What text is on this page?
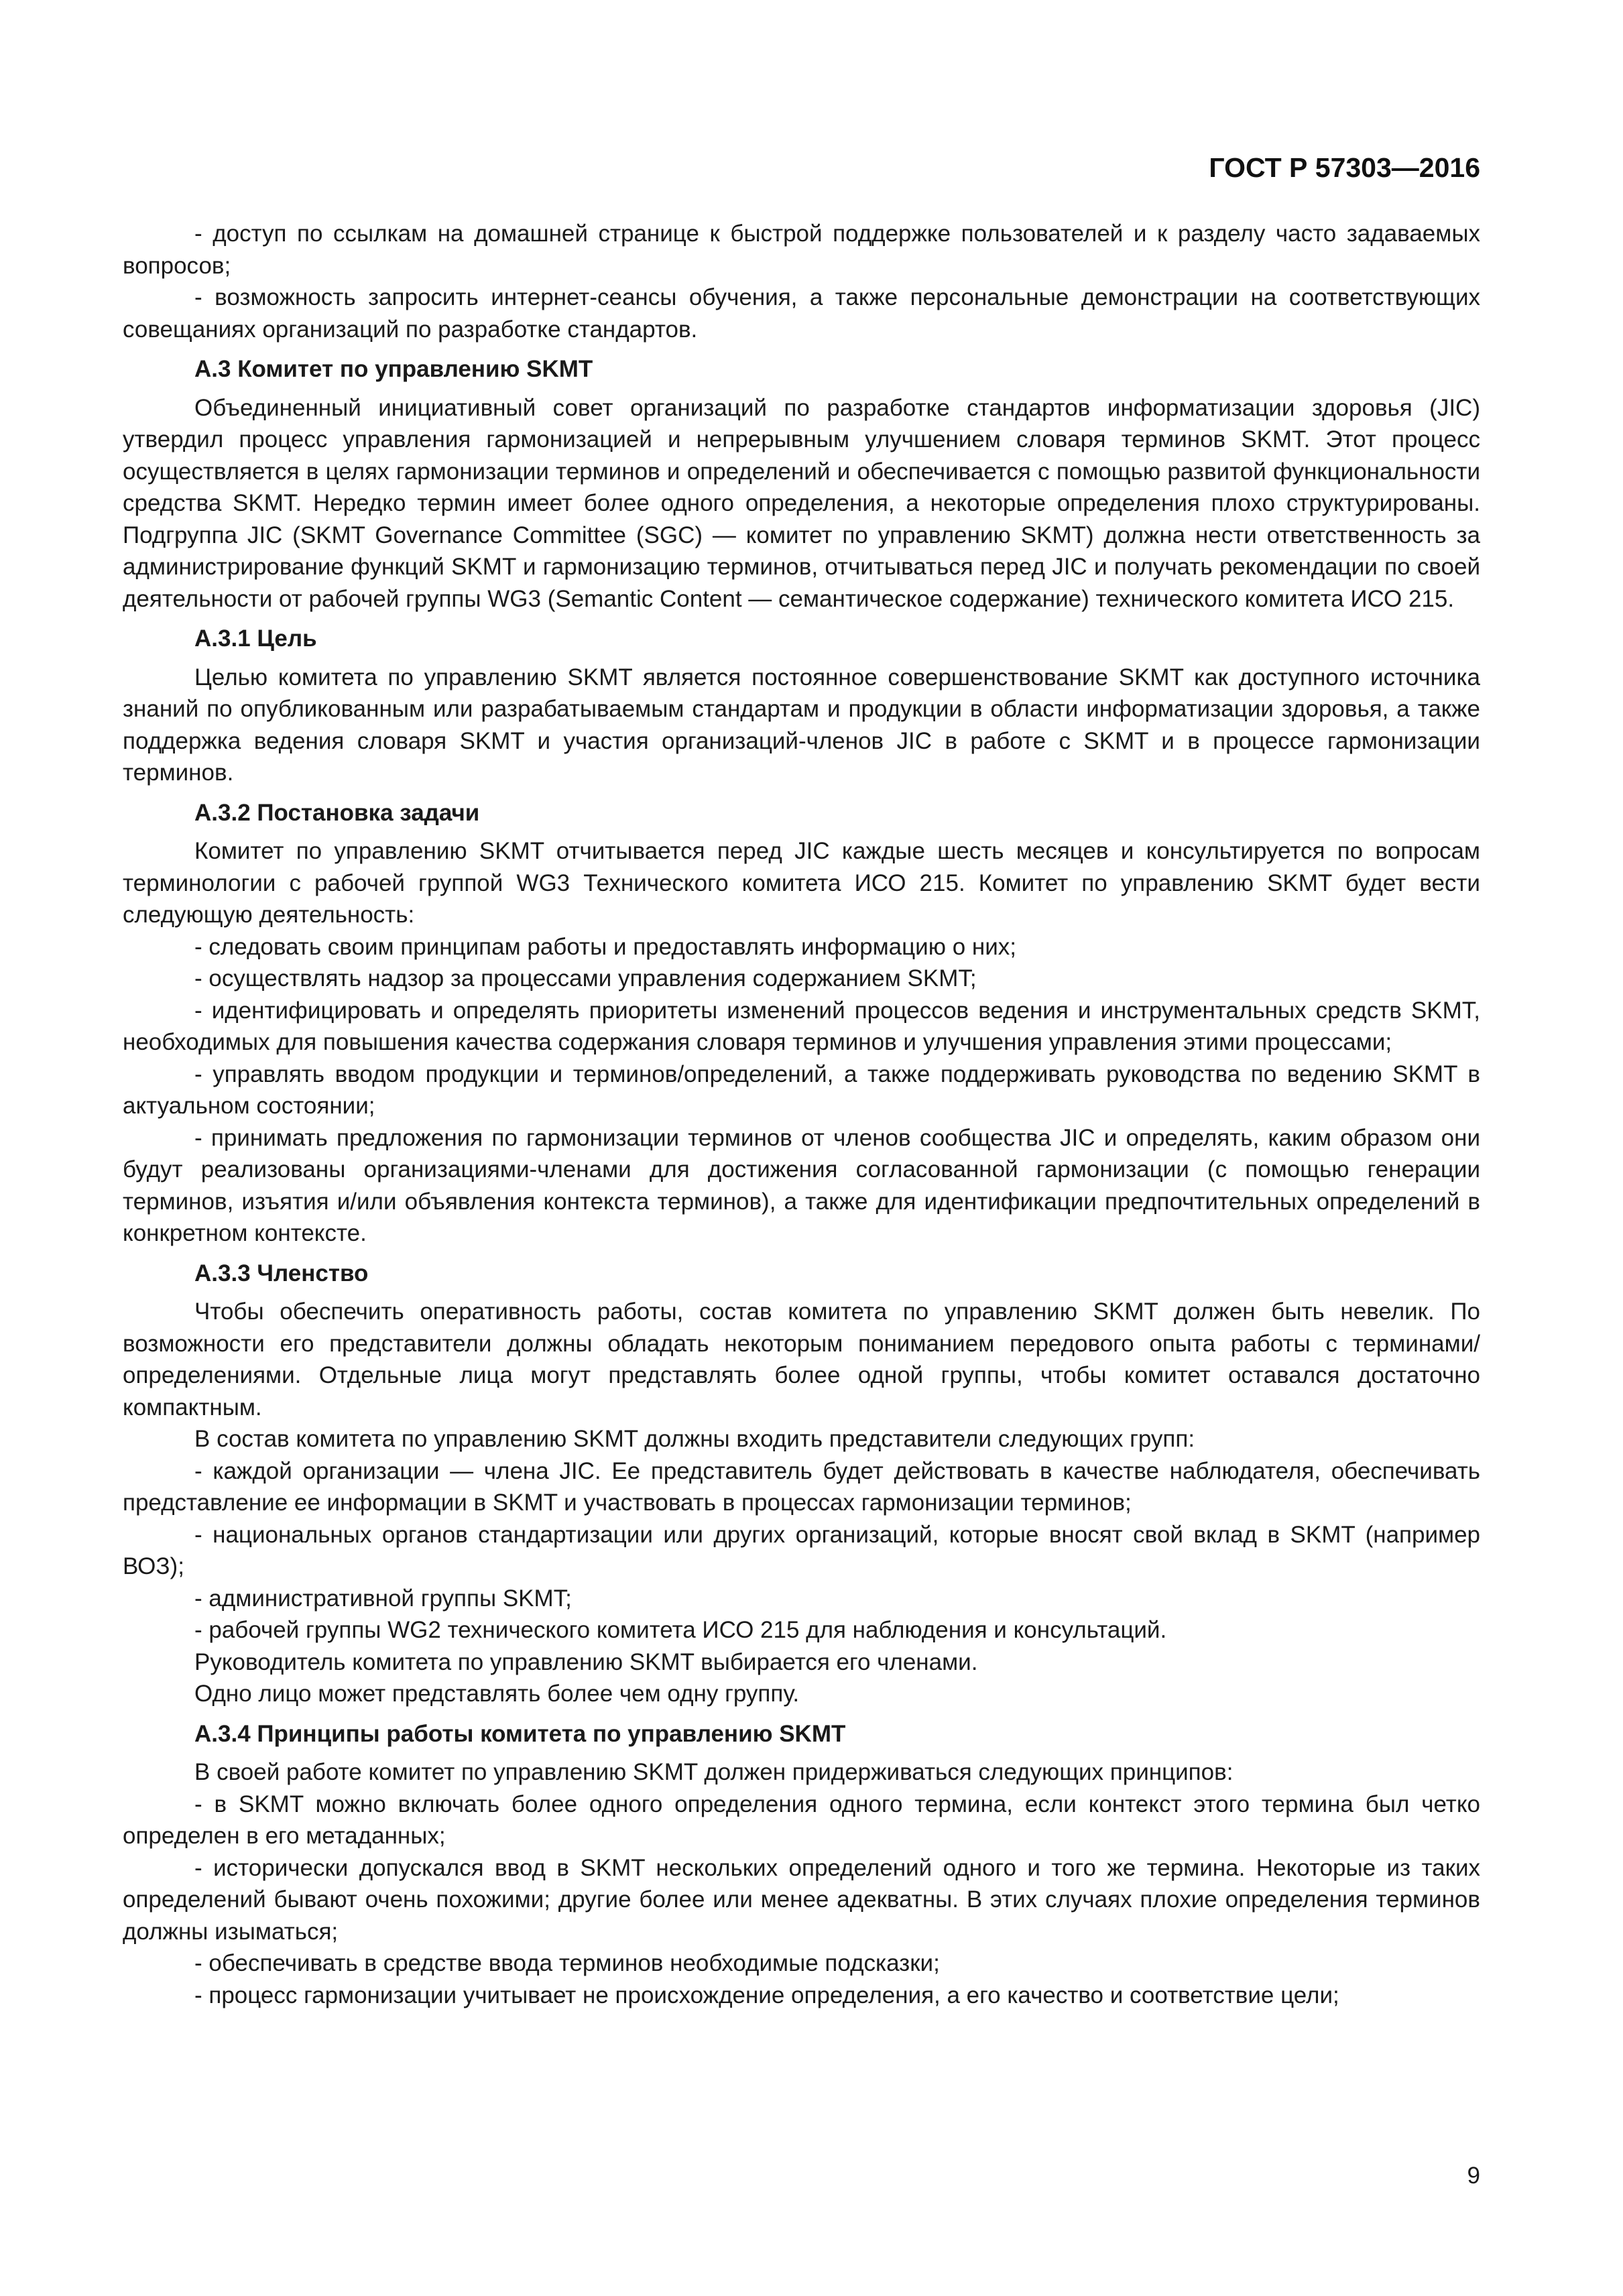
ГОСТ Р 57303—2016
- доступ по ссылкам на домашней странице к быстрой поддержке пользователей и к разделу часто задаваемых вопросов;
- возможность запросить интернет-сеансы обучения, а также персональные демонстрации на соответствующих совещаниях организаций по разработке стандартов.
А.3 Комитет по управлению SKMT
Объединенный инициативный совет организаций по разработке стандартов информатизации здоровья (JIC) утвердил процесс управления гармонизацией и непрерывным улучшением словаря терминов SKMT. Этот процесс осуществляется в целях гармонизации терминов и определений и обеспечивается с помощью развитой функциональности средства SKMT. Нередко термин имеет более одного определения, а некоторые определения плохо структурированы. Подгруппа JIC (SKMT Governance Committee (SGC) — комитет по управлению SKMT) должна нести ответственность за администрирование функций SKMT и гармонизацию терминов, отчитываться перед JIC и получать рекомендации по своей деятельности от рабочей группы WG3 (Semantic Content — семантическое содержание) технического комитета ИСО 215.
А.3.1 Цель
Целью комитета по управлению SKMT является постоянное совершенствование SKMT как доступного источника знаний по опубликованным или разрабатываемым стандартам и продукции в области информатизации здоровья, а также поддержка ведения словаря SKMT и участия организаций-членов JIC в работе с SKMT и в процессе гармонизации терминов.
А.3.2 Постановка задачи
Комитет по управлению SKMT отчитывается перед JIC каждые шесть месяцев и консультируется по вопросам терминологии с рабочей группой WG3 Технического комитета ИСО 215. Комитет по управлению SKMT будет вести следующую деятельность:
- следовать своим принципам работы и предоставлять информацию о них;
- осуществлять надзор за процессами управления содержанием SKMT;
- идентифицировать и определять приоритеты изменений процессов ведения и инструментальных средств SKMT, необходимых для повышения качества содержания словаря терминов и улучшения управления этими процессами;
- управлять вводом продукции и терминов/определений, а также поддерживать руководства по ведению SKMT в актуальном состоянии;
- принимать предложения по гармонизации терминов от членов сообщества JIC и определять, каким образом они будут реализованы организациями-членами для достижения согласованной гармонизации (с помощью генерации терминов, изъятия и/или объявления контекста терминов), а также для идентификации предпочтительных определений в конкретном контексте.
А.3.3 Членство
Чтобы обеспечить оперативность работы, состав комитета по управлению SKMT должен быть невелик. По возможности его представители должны обладать некоторым пониманием передового опыта работы с терминами/определениями. Отдельные лица могут представлять более одной группы, чтобы комитет оставался достаточно компактным.
В состав комитета по управлению SKMT должны входить представители следующих групп:
- каждой организации — члена JIC. Ее представитель будет действовать в качестве наблюдателя, обеспечивать представление ее информации в SKMT и участвовать в процессах гармонизации терминов;
- национальных органов стандартизации или других организаций, которые вносят свой вклад в SKMT (например ВОЗ);
- административной группы SKMT;
- рабочей группы WG2 технического комитета ИСО 215 для наблюдения и консультаций.
Руководитель комитета по управлению SKMT выбирается его членами.
Одно лицо может представлять более чем одну группу.
А.3.4 Принципы работы комитета по управлению SKMT
В своей работе комитет по управлению SKMT должен придерживаться следующих принципов:
- в SKMT можно включать более одного определения одного термина, если контекст этого термина был четко определен в его метаданных;
- исторически допускался ввод в SKMT нескольких определений одного и того же термина. Некоторые из таких определений бывают очень похожими; другие более или менее адекватны. В этих случаях плохие определения терминов должны изыматься;
- обеспечивать в средстве ввода терминов необходимые подсказки;
- процесс гармонизации учитывает не происхождение определения, а его качество и соответствие цели;
9
